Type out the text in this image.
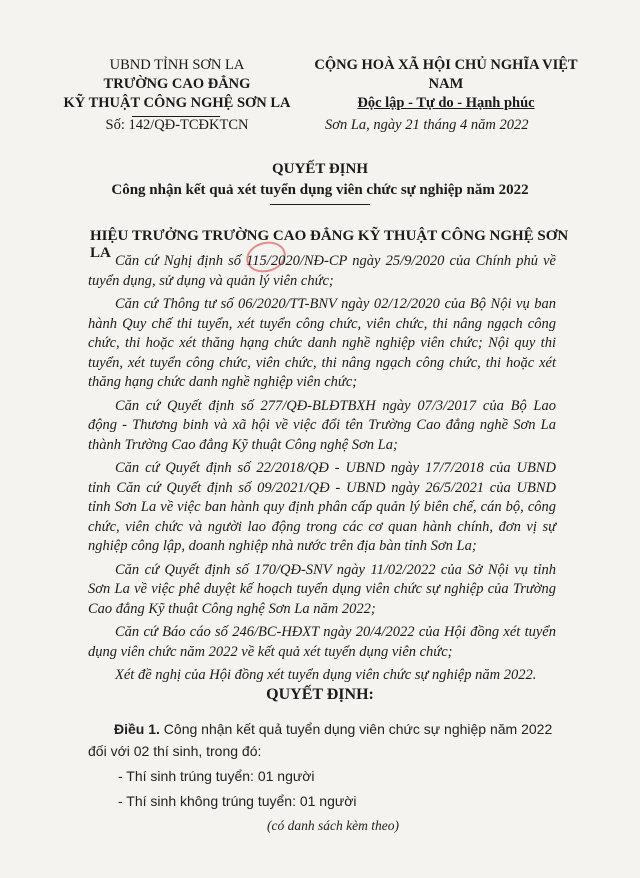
UBND TỈNH SƠN LA
TRƯỜNG CAO ĐẲNG
KỸ THUẬT CÔNG NGHỆ SƠN LA
Số: 142/QĐ-TCĐKTCN
CỘNG HOÀ XÃ HỘI CHỦ NGHĨA VIỆT NAM
Độc lập - Tự do - Hạnh phúc
Sơn La, ngày 21 tháng 4 năm 2022
QUYẾT ĐỊNH
Công nhận kết quả xét tuyển dụng viên chức sự nghiệp năm 2022
HIỆU TRƯỞNG TRƯỜNG CAO ĐẲNG KỸ THUẬT CÔNG NGHỆ SƠN LA Căn cứ Nghị định số 115/2020/NĐ-CP ngày 25/9/2020 của Chính phủ về tuyển dụng, sử dụng và quản lý viên chức;

Căn cứ Thông tư số 06/2020/TT-BNV ngày 02/12/2020 của Bộ Nội vụ ban hành Quy chế thi tuyển, xét tuyển công chức, viên chức, thi nâng ngạch công chức, thi hoặc xét thăng hạng chức danh nghề nghiệp viên chức; Nội quy thi tuyển, xét tuyển công chức, viên chức, thi nâng ngạch công chức, thi hoặc xét thăng hạng chức danh nghề nghiệp viên chức;

Căn cứ Quyết định số 277/QĐ-BLĐTBXH ngày 07/3/2017 của Bộ Lao động - Thương binh và xã hội về việc đổi tên Trường Cao đẳng nghề Sơn La thành Trường Cao đẳng Kỹ thuật Công nghệ Sơn La;

Căn cứ Quyết định số 22/2018/QĐ - UBND ngày 17/7/2018 của UBND tỉnh Căn cứ Quyết định số 09/2021/QĐ - UBND ngày 26/5/2021 của UBND tỉnh Sơn La về việc ban hành quy định phân cấp quản lý biên chế, cán bộ, công chức, viên chức và người lao động trong các cơ quan hành chính, đơn vị sự nghiệp công lập, doanh nghiệp nhà nước trên địa bàn tỉnh Sơn La;

Căn cứ Quyết định số 170/QĐ-SNV ngày 11/02/2022 của Sở Nội vụ tỉnh Sơn La về việc phê duyệt kế hoạch tuyển dụng viên chức sự nghiệp của Trường Cao đẳng Kỹ thuật Công nghệ Sơn La năm 2022;

Căn cứ Báo cáo số 246/BC-HĐXT ngày 20/4/2022 của Hội đồng xét tuyển dụng viên chức năm 2022 về kết quả xét tuyển dụng viên chức;

Xét đề nghị của Hội đồng xét tuyển dụng viên chức sự nghiệp năm 2022.

QUYẾT ĐỊNH:

Điều 1. Công nhận kết quả tuyển dụng viên chức sự nghiệp năm 2022 đối với 02 thí sinh, trong đó:

- Thí sinh trúng tuyển: 01 người

- Thí sinh không trúng tuyển: 01 người

(có danh sách kèm theo)
